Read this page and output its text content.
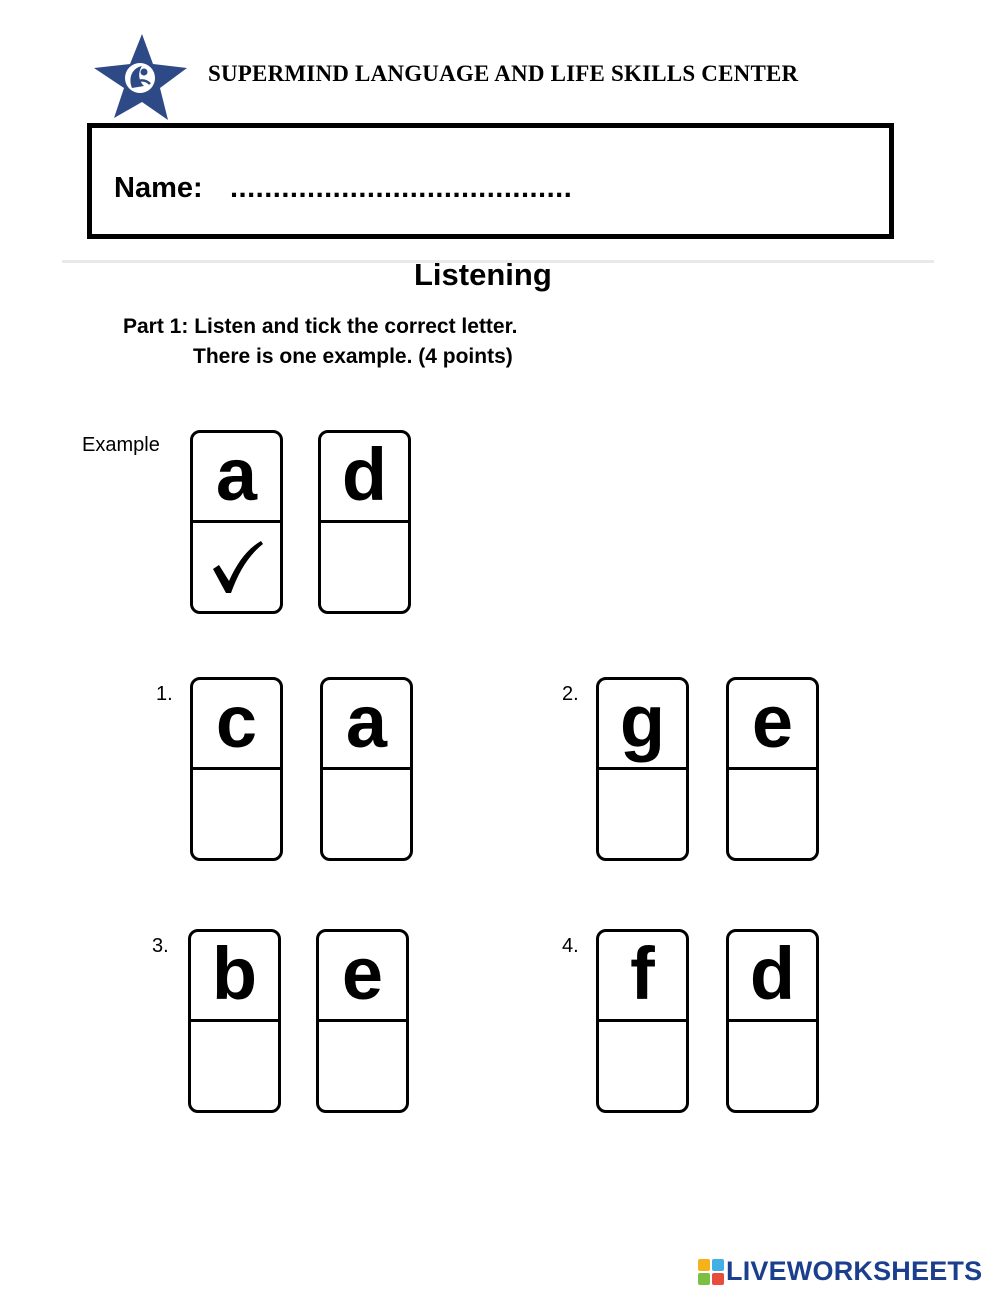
SUPERMIND LANGUAGE AND LIFE SKILLS CENTER
Name: ........................................
Listening
Part 1: Listen and tick the correct letter.
There is one example. (4 points)
Example a d
1. c a	2. g e
3. b e	4. f d
LIVEWORKSHEETS
